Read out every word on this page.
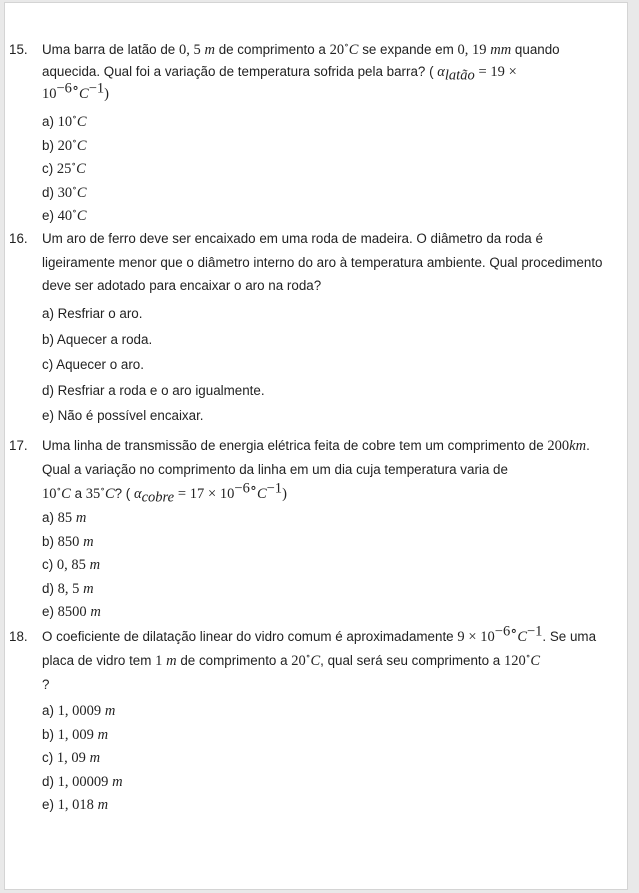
15. Uma barra de latão de 0, 5 m de comprimento a 20∘C se expande em 0, 19 mm quando aquecida. Qual foi a variação de temperatura sofrida pela barra? ( $\alpha_{latão} = 19$ ×
$10^{-6\circ}C^{-1}$)
a) 10∘C
b) 20∘C
c) 25∘C
d) 30∘C
e) 40∘C
16. Um aro de ferro deve ser encaixado em uma roda de madeira. O diâmetro da roda é ligeiramente menor que o diâmetro interno do aro à temperatura ambiente. Qual procedimento deve ser adotado para encaixar o aro na roda?
a) Resfriar o aro.
b) Aquecer a roda.
c) Aquecer o aro.
d) Resfriar a roda e o aro igualmente.
e) Não é possível encaixar.
17. Uma linha de transmissão de energia elétrica feita de cobre tem um comprimento de 200km. Qual a variação no comprimento da linha em um dia cuja temperatura varia de
10∘C a 35∘C? ( $\alpha_{cobre} = 17 \times 10^{-6\circ}C^{-1}$)
a) 85 m
b) 850 m
c) 0, 85 m
d) 8, 5 m
e) 8500 m
18. O coeficiente de dilatação linear do vidro comum é aproximadamente $9 \times 10^{-6\circ}C^{-1}$. Se uma placa de vidro tem 1 m de comprimento a 20∘C, qual será seu comprimento a 120∘C
?
a) 1, 0009 m
b) 1, 009 m
c) 1, 09 m
d) 1, 00009 m
e) 1, 018 m
